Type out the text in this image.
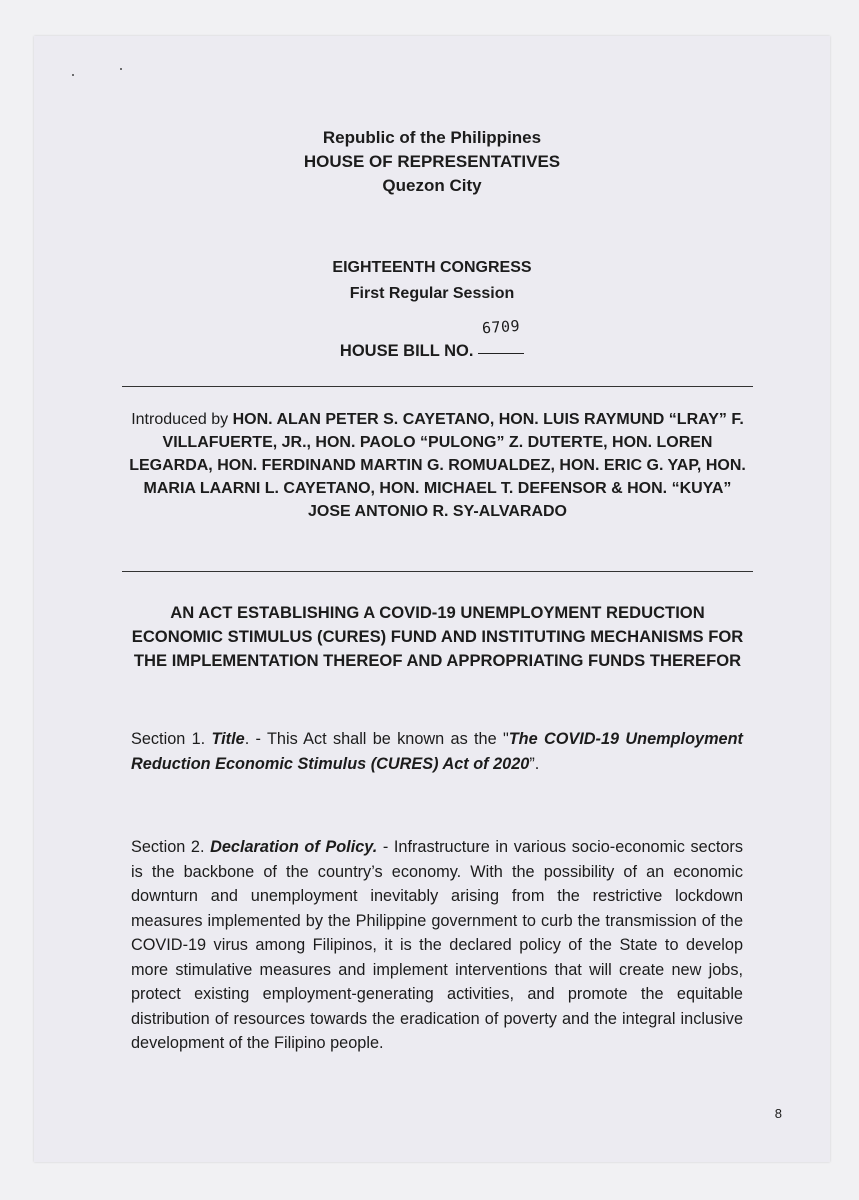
Republic of the Philippines
HOUSE OF REPRESENTATIVES
Quezon City
EIGHTEENTH CONGRESS
First Regular Session
HOUSE BILL NO.
6709
Introduced by HON. ALAN PETER S. CAYETANO, HON. LUIS RAYMUND “LRAY” F. VILLAFUERTE, JR., HON. PAOLO “PULONG” Z. DUTERTE, HON. LOREN LEGARDA, HON. FERDINAND MARTIN G. ROMUALDEZ, HON. ERIC G. YAP, HON. MARIA LAARNI L. CAYETANO, HON. MICHAEL T. DEFENSOR & HON. “KUYA” JOSE ANTONIO R. SY-ALVARADO
AN ACT ESTABLISHING A COVID-19 UNEMPLOYMENT REDUCTION ECONOMIC STIMULUS (CURES) FUND AND INSTITUTING MECHANISMS FOR THE IMPLEMENTATION THEREOF AND APPROPRIATING FUNDS THEREFOR
Section 1. Title. - This Act shall be known as the "The COVID-19 Unemployment Reduction Economic Stimulus (CURES) Act of 2020”.
Section 2. Declaration of Policy. - Infrastructure in various socio-economic sectors is the backbone of the country’s economy. With the possibility of an economic downturn and unemployment inevitably arising from the restrictive lockdown measures implemented by the Philippine government to curb the transmission of the COVID-19 virus among Filipinos, it is the declared policy of the State to develop more stimulative measures and implement interventions that will create new jobs, protect existing employment-generating activities, and promote the equitable distribution of resources towards the eradication of poverty and the integral inclusive development of the Filipino people.
8
